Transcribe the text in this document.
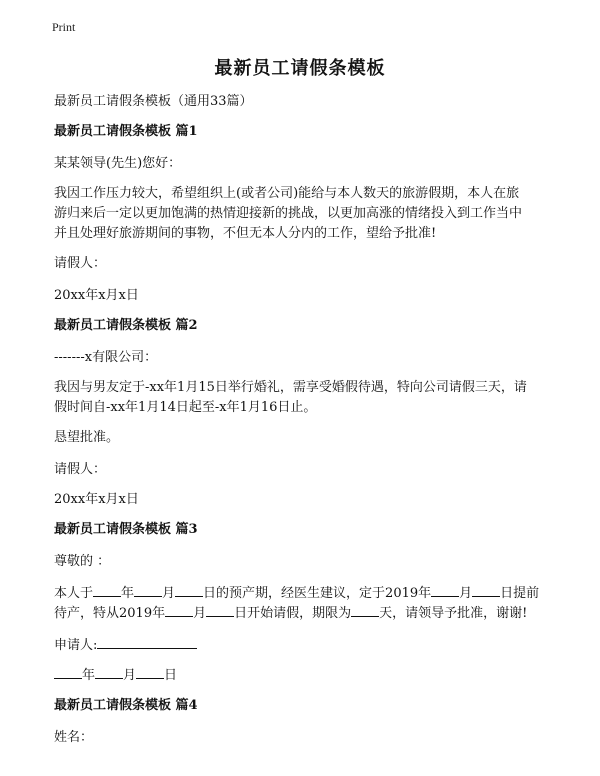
Print
最新员工请假条模板
最新员工请假条模板（通用33篇）
最新员工请假条模板 篇1
某某领导(先生)您好：
我因工作压力较大，希望组织上(或者公司)能给与本人数天的旅游假期，本人在旅
游归来后一定以更加饱满的热情迎接新的挑战，以更加高涨的情绪投入到工作当中
并且处理好旅游期间的事物，不但无本人分内的工作，望给予批准!
请假人：
20xx年x月x日
最新员工请假条模板 篇2
-------x有限公司：
我因与男友定于-xx年1月15日举行婚礼，需享受婚假待遇，特向公司请假三天，请
假时间自-xx年1月14日起至-x年1月16日止。
恳望批准。
请假人：
20xx年x月x日
最新员工请假条模板 篇3
尊敬的 ：
本人于 年 月 日的预产期，经医生建议，定于2019年 月 日提前
待产，特从2019年 月 日开始请假，期限为 天，请领导予批准，谢谢!
申请人:
年 月 日
最新员工请假条模板 篇4
姓名：
